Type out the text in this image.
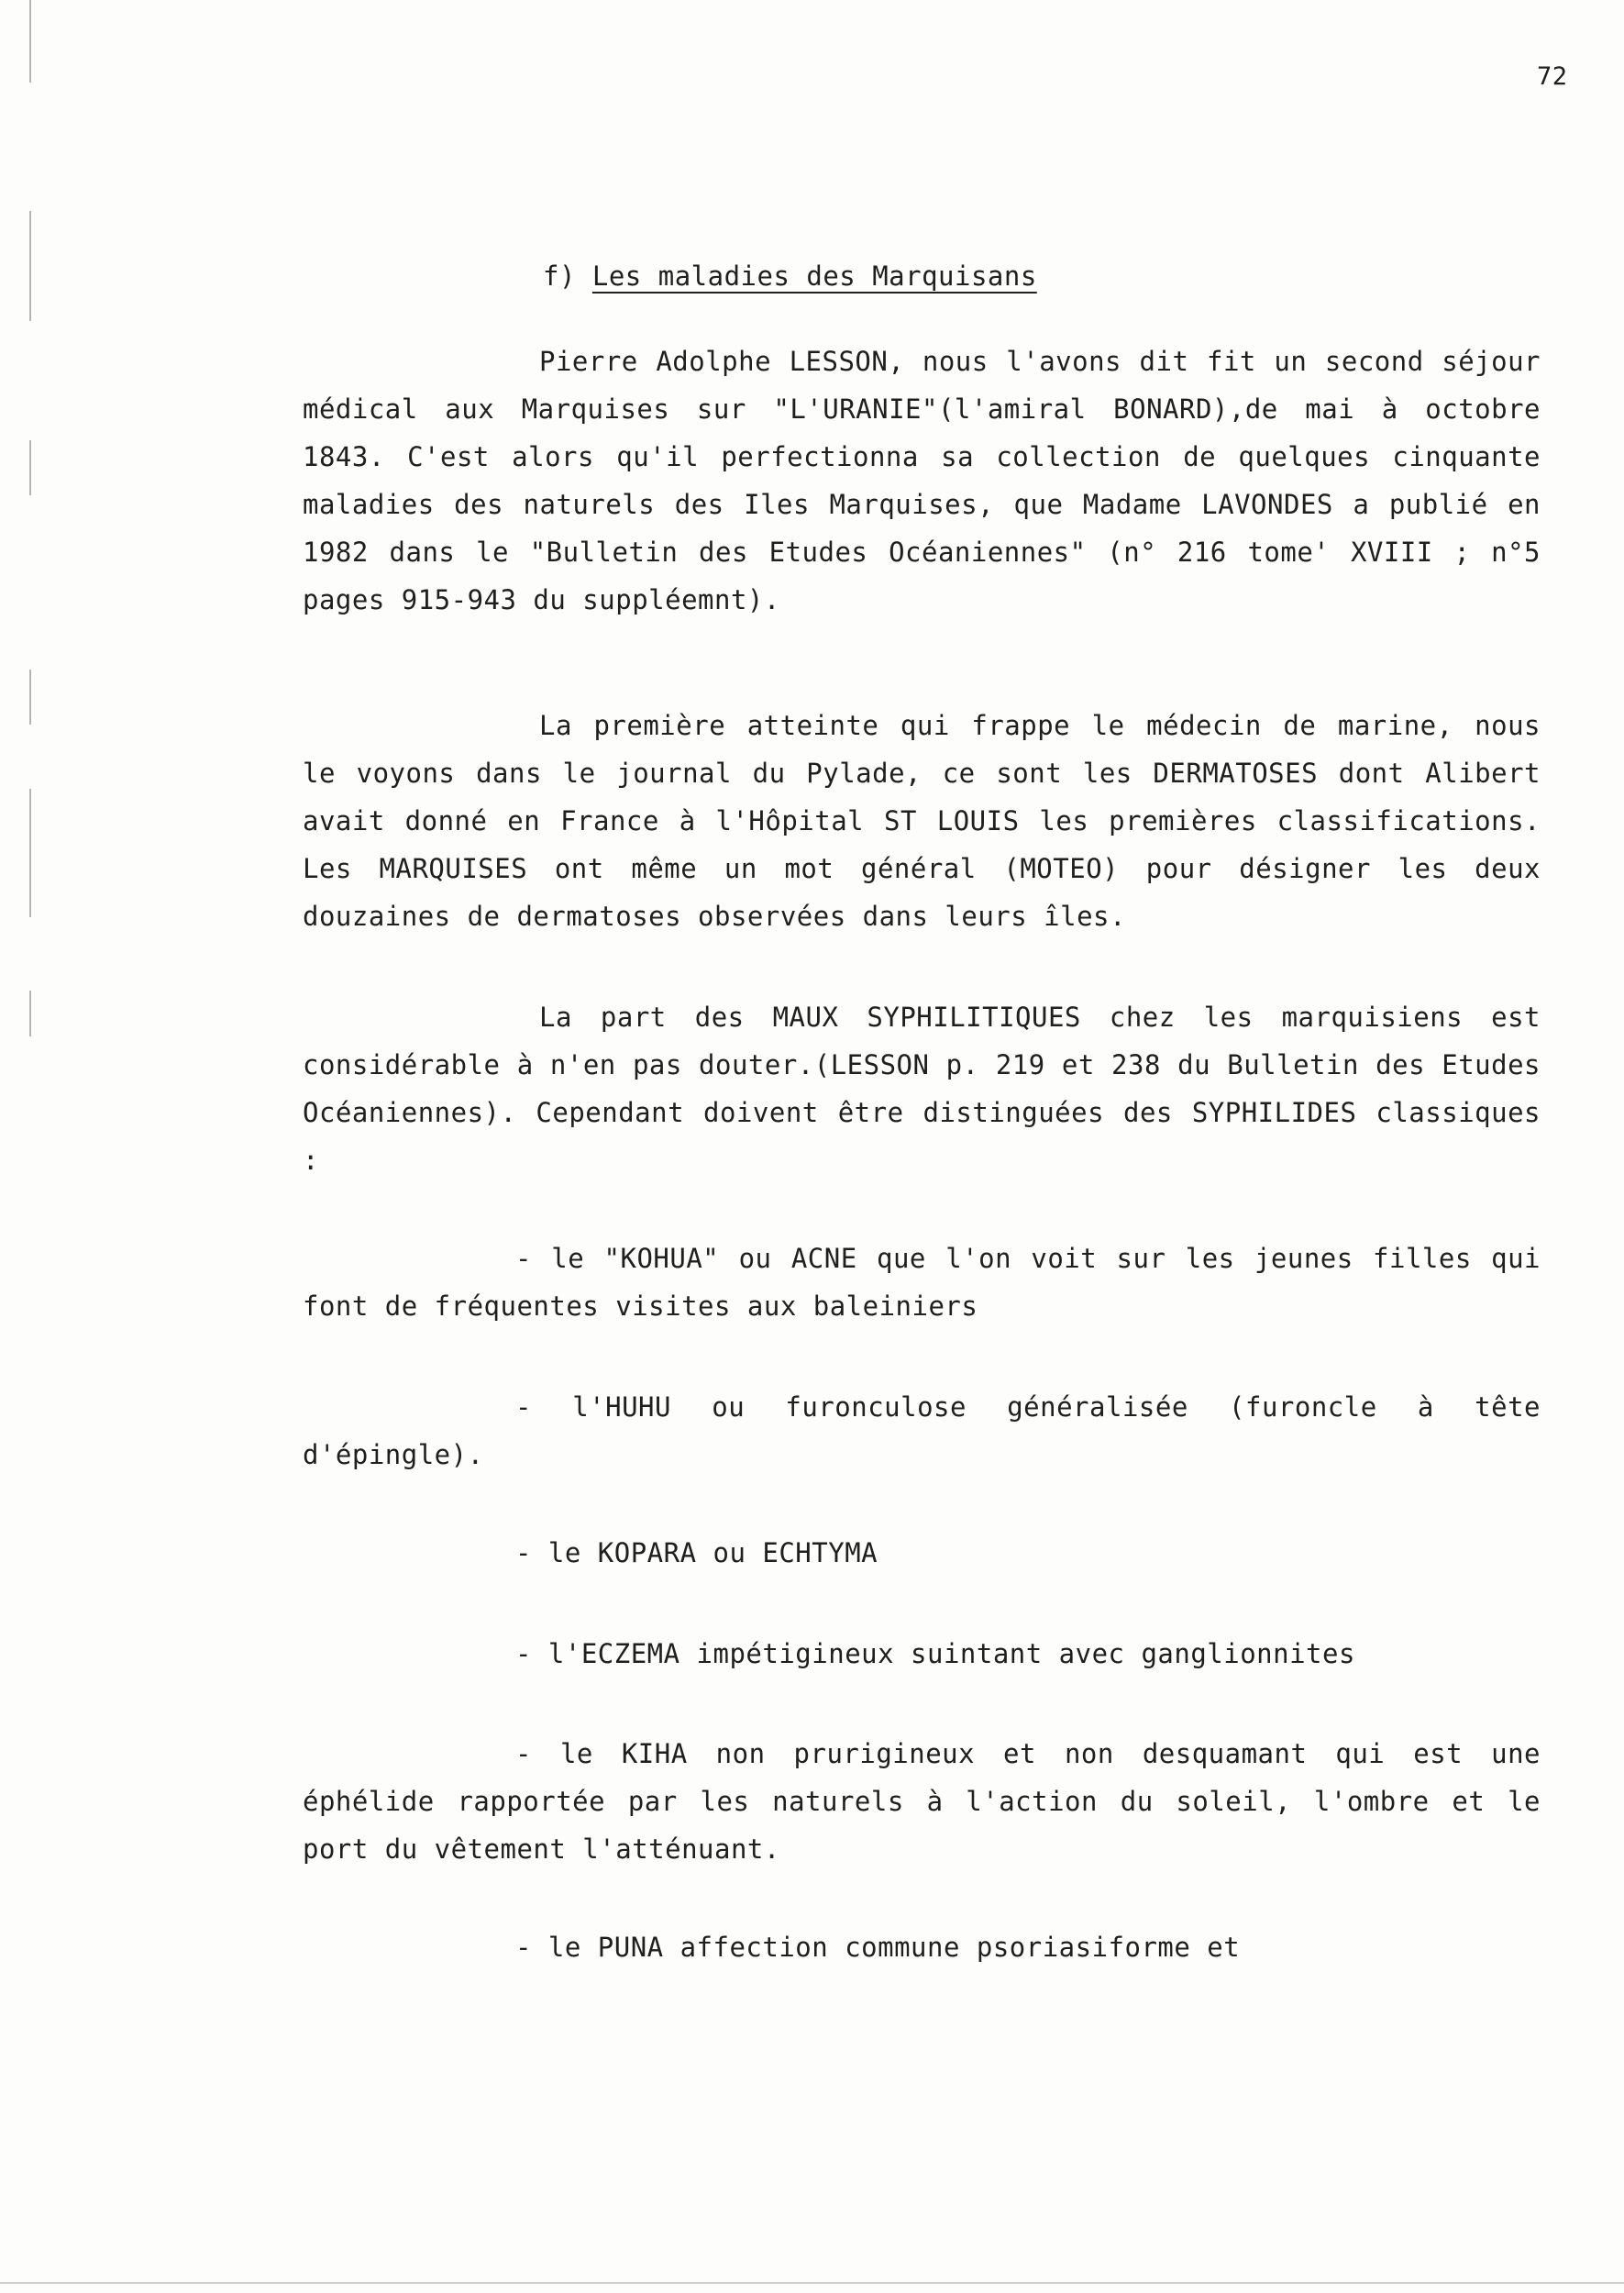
72
f) Les maladies des Marquisans

Pierre Adolphe LESSON, nous l'avons dit fit un second séjour médical aux Marquises sur "L'URANIE"(l'amiral BONARD),de mai à octobre 1843. C'est alors qu'il perfectionna sa collection de quelques cinquante maladies des naturels des Iles Marquises, que Madame LAVONDES a publié en 1982 dans le "Bulletin des Etudes Océaniennes" (n° 216 tome' XVIII ; n°5 pages 915-943 du suppléemnt).

La première atteinte qui frappe le médecin de marine, nous le voyons dans le journal du Pylade, ce sont les DERMATOSES dont Alibert avait donné en France à l'Hôpital ST LOUIS les premières classifications. Les MARQUISES ont même un mot général (MOTEO) pour désigner les deux douzaines de dermatoses observées dans leurs îles.

La part des MAUX SYPHILITIQUES chez les marquisiens est considérable à n'en pas douter.(LESSON p. 219 et 238 du Bulletin des Etudes Océaniennes). Cependant doivent être distinguées des SYPHILIDES classiques :

- le "KOHUA" ou ACNE que l'on voit sur les jeunes filles qui font de fréquentes visites aux baleiniers

- l'HUHU ou furonculose généralisée (furoncle à tête d'épingle).

- le KOPARA ou ECHTYMA

- l'ECZEMA impétigineux suintant avec ganglionnites

- le KIHA non prurigineux et non desquamant qui est une éphélide rapportée par les naturels à l'action du soleil, l'ombre et le port du vêtement l'atténuant.

- le PUNA affection commune psoriasiforme et
